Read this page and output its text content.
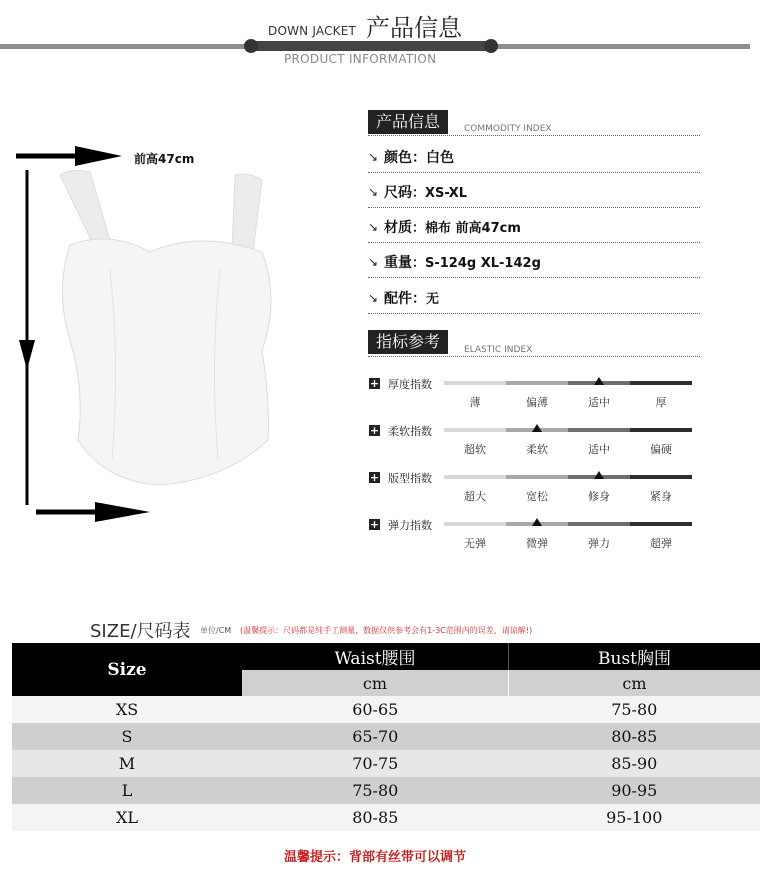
DOWN JACKET 产品信息
PRODUCT INFORMATION
前高47cm
产品信息	COMMODITY INDEX
↘ 颜色：白色
↘ 尺码：XS-XL
↘ 材质：棉布 前高47cm
↘ 重量：S-124g XL-142g
↘ 配件：无
指标参考	ELASTIC INDEX
+ 厚度指数
薄	偏薄	适中	厚
+ 柔软指数
超软	柔软	适中	偏硬
+ 版型指数
超大	宽松	修身	紧身
+ 弹力指数
无弹	微弹	弹力	超弹
SIZE/尺码表 单位/CM (温馨提示：尺码都是纯手工测量，数据仅供参考会有1-3C范围内的误差，请谅解!)
Size	Waist腰围	Bust胸围
	cm	cm
XS	60-65	75-80
S	65-70	80-85
M	70-75	85-90
L	75-80	90-95
XL	80-85	95-100
温馨提示：背部有丝带可以调节
